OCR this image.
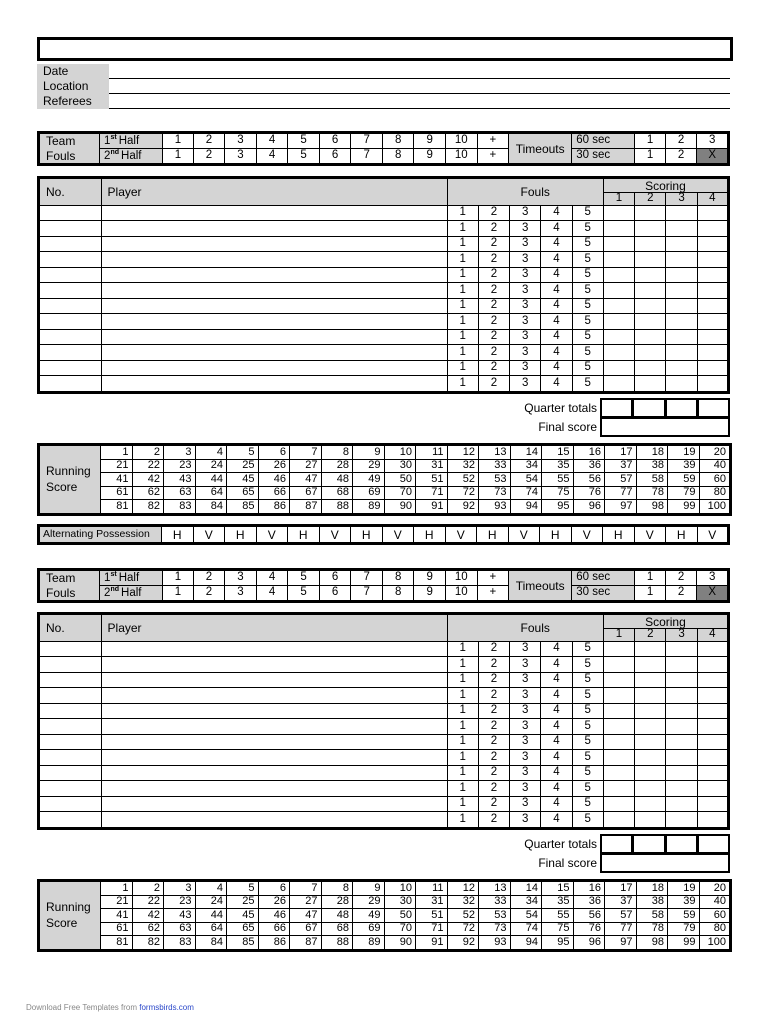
Date
Location
Referees
Team	1st Half	1	2	3	4	5	6	7	8	9	10	+	Timeouts	60 sec	1	2	3
Fouls	2nd Half	1	2	3	4	5	6	7	8	9	10	+		30 sec	1	2	X
No.	Player	Fouls					Scoring			
							1	2	3	4
		1	2	3	4	5				
		1	2	3	4	5				
		1	2	3	4	5				
		1	2	3	4	5				
		1	2	3	4	5				
		1	2	3	4	5				
		1	2	3	4	5				
		1	2	3	4	5				
		1	2	3	4	5				
		1	2	3	4	5				
		1	2	3	4	5				
		1	2	3	4	5				
Quarter totals
Final score
Running Score	1	2	3	4	5	6	7	8	9	10	11	12	13	14	15	16	17	18	19	20
	21	22	23	24	25	26	27	28	29	30	31	32	33	34	35	36	37	38	39	40
	41	42	43	44	45	46	47	48	49	50	51	52	53	54	55	56	57	58	59	60
	61	62	63	64	65	66	67	68	69	70	71	72	73	74	75	76	77	78	79	80
	81	82	83	84	85	86	87	88	89	90	91	92	93	94	95	96	97	98	99	100
Alternating Possession	H	V	H	V	H	V	H	V	H	V	H	V	H	V	H	V	H	V
Team	1st Half	1	2	3	4	5	6	7	8	9	10	+	Timeouts	60 sec	1	2	3
Fouls	2nd Half	1	2	3	4	5	6	7	8	9	10	+		30 sec	1	2	X
No.	Player	Fouls					Scoring			
							1	2	3	4
		1	2	3	4	5				
		1	2	3	4	5				
		1	2	3	4	5				
		1	2	3	4	5				
		1	2	3	4	5				
		1	2	3	4	5				
		1	2	3	4	5				
		1	2	3	4	5				
		1	2	3	4	5				
		1	2	3	4	5				
		1	2	3	4	5				
		1	2	3	4	5				
Quarter totals
Final score
Running Score	1	2	3	4	5	6	7	8	9	10	11	12	13	14	15	16	17	18	19	20
	21	22	23	24	25	26	27	28	29	30	31	32	33	34	35	36	37	38	39	40
	41	42	43	44	45	46	47	48	49	50	51	52	53	54	55	56	57	58	59	60
	61	62	63	64	65	66	67	68	69	70	71	72	73	74	75	76	77	78	79	80
	81	82	83	84	85	86	87	88	89	90	91	92	93	94	95	96	97	98	99	100
Download Free Templates from formsbirds.com
